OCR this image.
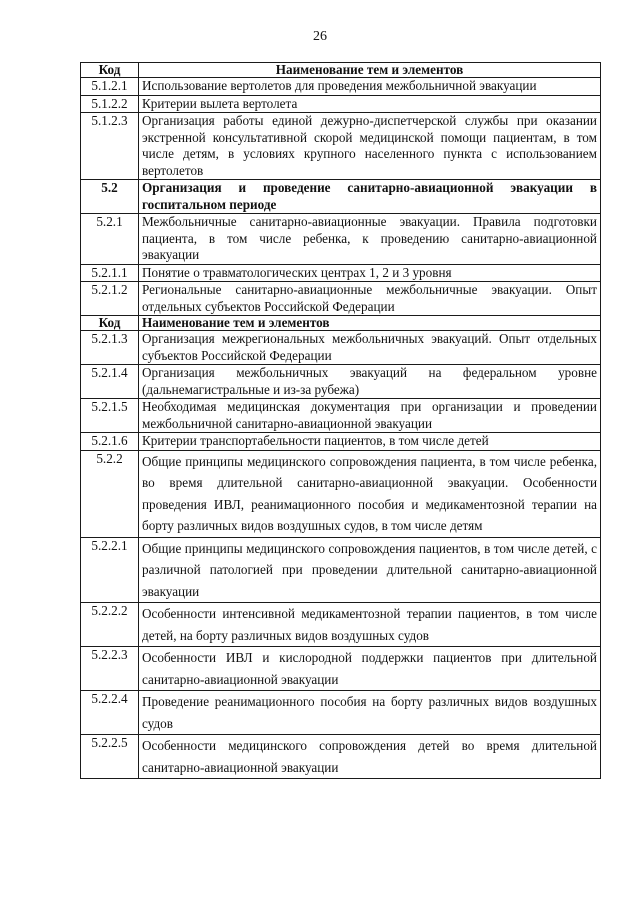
26
Код	Наименование тем и элементов
5.1.2.1	Использование вертолетов для проведения межбольничной эвакуации
5.1.2.2	Критерии вылета вертолета
5.1.2.3	Организация работы единой дежурно-диспетчерской службы при оказании экстренной консультативной скорой медицинской помощи пациентам, в том числе детям, в условиях крупного населенного пункта с использованием вертолетов
5.2	Организация и проведение санитарно-авиационной эвакуации в госпитальном периоде
5.2.1	Межбольничные санитарно-авиационные эвакуации. Правила подготовки пациента, в том числе ребенка, к проведению санитарно-авиационной эвакуации
5.2.1.1	Понятие о травматологических центрах 1, 2 и 3 уровня
5.2.1.2	Региональные санитарно-авиационные межбольничные эвакуации. Опыт отдельных субъектов Российской Федерации
Код	Наименование тем и элементов
5.2.1.3	Организация межрегиональных межбольничных эвакуаций. Опыт отдельных субъектов Российской Федерации
5.2.1.4	Организация межбольничных эвакуаций на федеральном уровне (дальнемагистральные и из-за рубежа)
5.2.1.5	Необходимая медицинская документация при организации и проведении межбольничной санитарно-авиационной эвакуации
5.2.1.6	Критерии транспортабельности пациентов, в том числе детей
5.2.2	Общие принципы медицинского сопровождения пациента, в том числе ребенка, во время длительной санитарно-авиационной эвакуации. Особенности проведения ИВЛ, реанимационного пособия и медикаментозной терапии на борту различных видов воздушных судов, в том числе детям
5.2.2.1	Общие принципы медицинского сопровождения пациентов, в том числе детей, с различной патологией при проведении длительной санитарно-авиационной эвакуации
5.2.2.2	Особенности интенсивной медикаментозной терапии пациентов, в том числе детей, на борту различных видов воздушных судов
5.2.2.3	Особенности ИВЛ и кислородной поддержки пациентов при длительной санитарно-авиационной эвакуации
5.2.2.4	Проведение реанимационного пособия на борту различных видов воздушных судов
5.2.2.5	Особенности медицинского сопровождения детей во время длительной санитарно-авиационной эвакуации
